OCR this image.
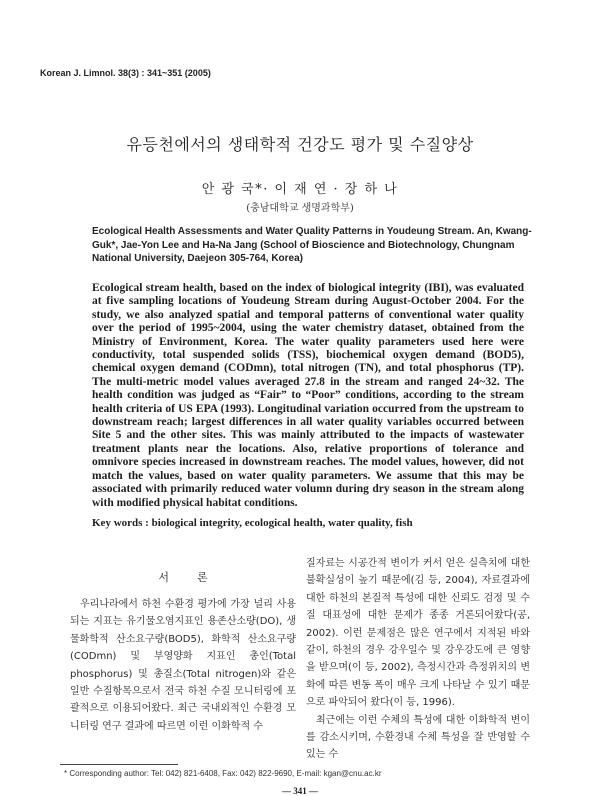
Korean J. Limnol. 38(3) : 341~351 (2005)
유등천에서의 생태학적 건강도 평가 및 수질양상
안 광 국*· 이 재 연 · 장 하 나
(충남대학교 생명과학부)
Ecological Health Assessments and Water Quality Patterns in Youdeung Stream. An, Kwang-Guk*, Jae-Yon Lee and Ha-Na Jang (School of Bioscience and Biotechnology, Chungnam National University, Daejeon 305-764, Korea)
Ecological stream health, based on the index of biological integrity (IBI), was evaluated at five sampling locations of Youdeung Stream during August-October 2004. For the study, we also analyzed spatial and temporal patterns of conventional water quality over the period of 1995~2004, using the water chemistry dataset, obtained from the Ministry of Environment, Korea. The water quality parameters used here were conductivity, total suspended solids (TSS), biochemical oxygen demand (BOD5), chemical oxygen demand (CODmn), total nitrogen (TN), and total phosphorus (TP). The multi-metric model values averaged 27.8 in the stream and ranged 24~32. The health condition was judged as “Fair” to “Poor” conditions, according to the stream health criteria of US EPA (1993). Longitudinal variation occurred from the upstream to downstream reach; largest differences in all water quality variables occurred between Site 5 and the other sites. This was mainly attributed to the impacts of wastewater treatment plants near the locations. Also, relative proportions of tolerance and omnivore species increased in downstream reaches. The model values, however, did not match the values, based on water quality parameters. We assume that this may be associated with primarily reduced water volumn during dry season in the stream along with modified physical habitat conditions.
Key words : biological integrity, ecological health, water quality, fish
서	론

우리나라에서 하천 수환경 평가에 가장 널리 사용되는 지표는 유기물오염지표인 용존산소량(DO), 생물화학적 산소요구량(BOD5), 화학적 산소요구량(CODmn) 및 부영양화 지표인 총인(Total phosphorus) 및 총질소(Total nitrogen)와 같은 일반 수질항목으로서 전국 하천 수질 모니터링에 포괄적으로 이용되어왔다. 최근 국내외적인 수환경 모니터링 연구 결과에 따르면 이런 이화학적 수

질자료는 시공간적 변이가 커서 얻은 실측치에 대한 불확실성이 높기 때문에(김 등, 2004), 자료결과에 대한 하천의 본질적 특성에 대한 신뢰도 검정 및 수질 대표성에 대한 문제가 종종 거론되어왔다(공, 2002). 이런 문제점은 많은 연구에서 지적된 바와 같이, 하천의 경우 강우일수 및 강우강도에 큰 영향을 받으며(이 등, 2002), 측정시간과 측정위치의 변화에 따른 변동 폭이 매우 크게 나타날 수 있기 때문으로 파악되어 왔다(이 등, 1996).

최근에는 이런 수체의 특성에 대한 이화학적 변이를 감소시키며, 수환경내 수체 특성을 잘 반영할 수 있는 수

* Corresponding author: Tel: 042) 821-6408, Fax: 042) 822-9690, E-mail: kgan@cnu.ac.kr
— 341 —
